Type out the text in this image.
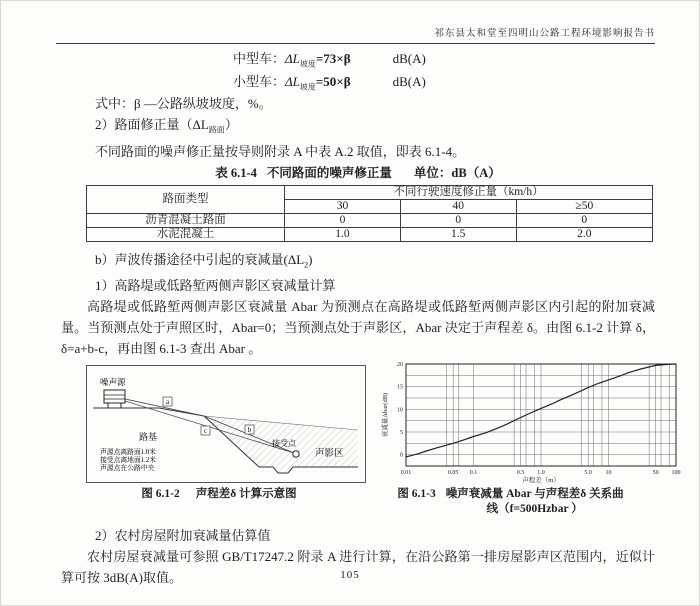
祁东县太和堂至四明山公路工程环境影响报告书
中型车：$\Delta L_{坡度}=73\times\beta$	dB(A)
小型车：$\Delta L_{坡度}=50\times\beta$	dB(A)
式中：β —公路纵坡坡度，%。
2）路面修正量$(\Delta L_{路面})$
不同路面的噪声修正量按导则附录 A 中表 A.2 取值，即表 6.1-4。
表 6.1-4 不同路面的噪声修正量 单位：dB（A）
路面类型	不同行驶速度修正量（km/h）		
	30	40	≥50
沥青混凝土路面	0	0	0
水泥混凝土	1.0	1.5	2.0
b）声波传播途径中引起的衰减量$(\Delta L_2)$
1）高路堤或低路堑两侧声影区衰减量计算
高路堤或低路堑两侧声影区衰减量 Abar 为预测点在高路堤或低路堑两侧声影区内引起的附加衰减量。当预测点处于声照区时，Abar=0；当预测点处于声影区，Abar 决定于声程差 δ。由图 6.1-2 计算 δ，δ=a+b-c，再由图 6.1-3 查出 Abar 。
a
c	b
噪声源
路基
接受点
声影区
声源点离路面1.0米
接受点离地面1.2米
声源点在公路中央
0
5
10
15
20
0.01	0.05 0.1	0.5 1.0	5.0 10	50 100
声程差（m）
衰减量Abar(dB)
图 6.1-2 声程差δ 计算示意图	图 6.1-3 噪声衰减量 Abar 与声程差δ 关系曲
线（f=500Hzbar ）
2）农村房屋附加衰减量估算值
农村房屋衰减量可参照 GB/T17247.2 附录 A 进行计算，在沿公路第一排房屋影声区范围内，近似计算可按 3dB(A)取值。	105
